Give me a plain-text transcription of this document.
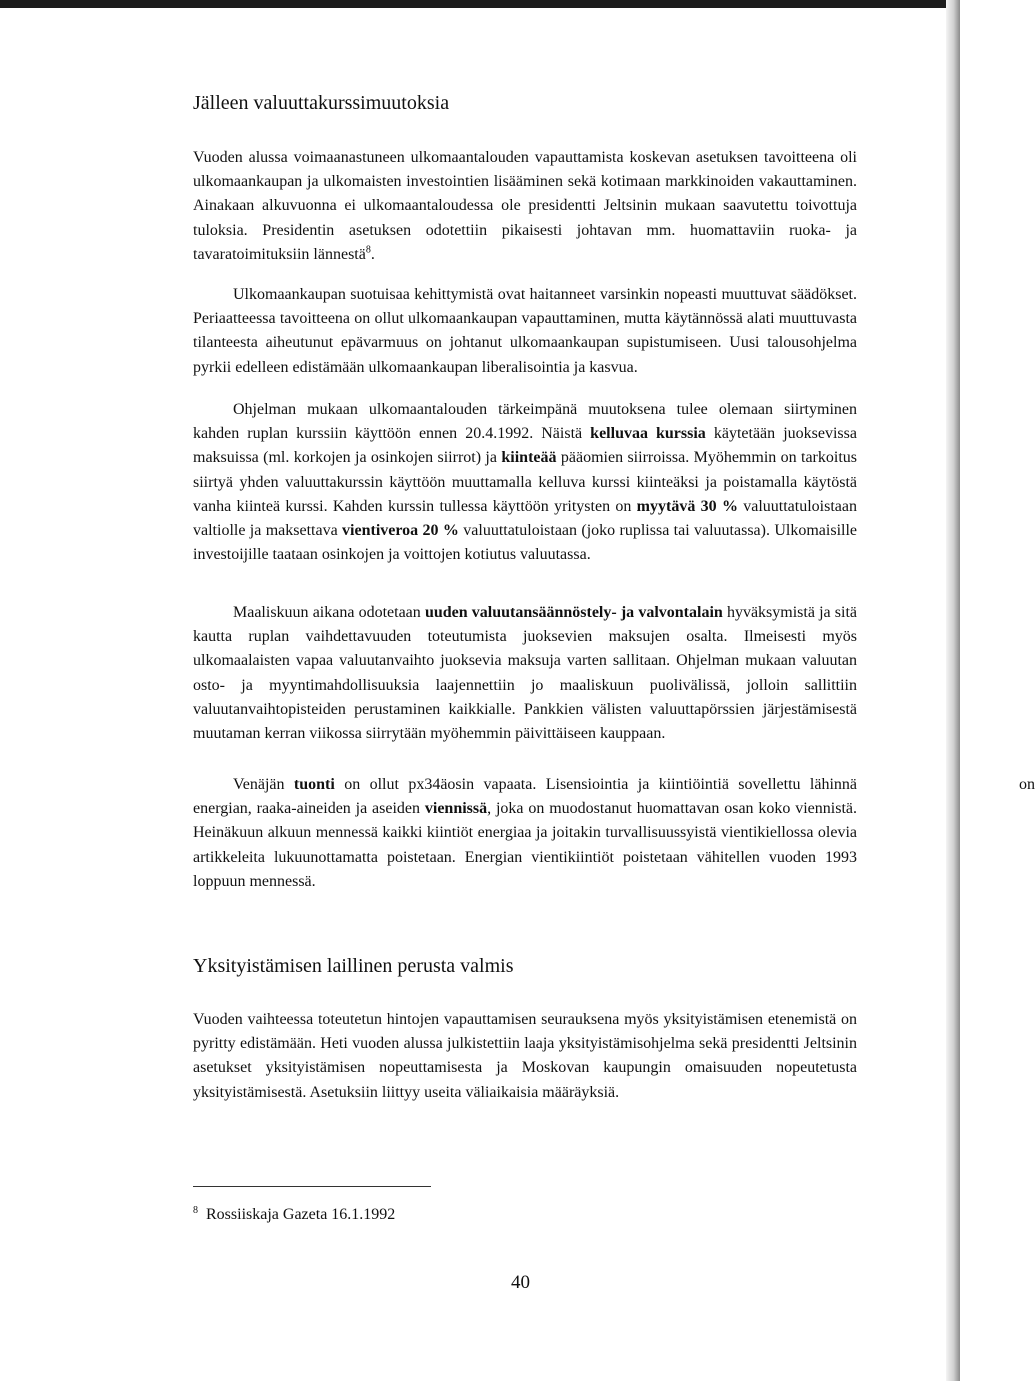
Jälleen valuuttakurssimuutoksia

Vuoden alussa voimaanastuneen ulkomaantalouden vapauttamista koskevan asetuksen tavoitteena oli ulkomaankaupan ja ulkomaisten investointien lisääminen sekä kotimaan markkinoiden vakauttaminen. Ainakaan alkuvuonna ei ulkomaantaloudessa ole presidentti Jeltsinin mukaan saavutettu toivottuja tuloksia. Presidentin asetuksen odotettiin pikaisesti johtavan mm. huomattaviin ruoka- ja tavaratoimituksiin lännestä$^8$.

Ulkomaankaupan suotuisaa kehittymistä ovat haitanneet varsinkin nopeasti muuttuvat säädökset. Periaatteessa tavoitteena on ollut ulkomaankaupan vapauttaminen, mutta käytännössä alati muuttuvasta tilanteesta aiheutunut epävarmuus on johtanut ulkomaankaupan supistumiseen. Uusi talousohjelma pyrkii edelleen edistämään ulkomaankaupan liberalisointia ja kasvua.

Ohjelman mukaan ulkomaantalouden tärkeimpänä muutoksena tulee olemaan siirtyminen kahden ruplan kurssiin käyttöön ennen 20.4.1992. Näistä kelluvaa kurssia käytetään juoksevissa maksuissa (ml. korkojen ja osinkojen siirrot) ja kiinteää pääomien siirroissa. Myöhemmin on tarkoitus siirtyä yhden valuuttakurssin käyttöön muuttamalla kelluva kurssi kiinteäksi ja poistamalla käytöstä vanha kiinteä kurssi. Kahden kurssin tullessa käyttöön yritysten on myytävä 30 % valuuttatuloistaan valtiolle ja maksettava vientiveroa 20 % valuuttatuloistaan (joko ruplissa tai valuutassa). Ulkomaisille investoijille taataan osinkojen ja voittojen kotiutus valuutassa.

Maaliskuun aikana odotetaan uuden valuutansäännöstely- ja valvontalain hyväksymistä ja sitä kautta ruplan vaihdettavuuden toteutumista juoksevien maksujen osalta. Ilmeisesti myös ulkomaalaisten vapaa valuutanvaihto juoksevia maksuja varten sallitaan. Ohjelman mukaan valuutan osto- ja myyntimahdollisuuksia laajennettiin jo maaliskuun puolivälissä, jolloin sallittiin valuutanvaihtopisteiden perustaminen kaikkialle. Pankkien välisten valuuttapörssien järjestämisestä muutaman kerran viikossa siirrytään myöhemmin päivittäiseen kauppaan.

Venäjän tuonti on ollut px34äosin vapaata. Lisensiointia ja kiintiöintiä sovellettu lähinnä energian, raaka-aineiden ja aseiden viennissä, joka on muodostanut huomattavan osan koko viennistä. Heinäkuun alkuun mennessä kaikki kiintiöt energiaa ja joitakin turvallisuussyistä vientikiellossa olevia artikkeleita lukuunottamatta poistetaan. Energian vientikiintiöt poistetaan vähitellen vuoden 1993 loppuun mennessä.

on
Yksityistämisen laillinen perusta valmis

Vuoden vaihteessa toteutetun hintojen vapauttamisen seurauksena myös yksityistämisen etenemistä on pyritty edistämään. Heti vuoden alussa julkistettiin laaja yksityistämisohjelma sekä presidentti Jeltsinin asetukset yksityistämisen nopeuttamisesta ja Moskovan kaupungin omaisuuden nopeutetusta yksityistämisestä. Asetuksiin liittyy useita väliaikaisia määräyksiä.

$^8$ Rossiiskaja Gazeta 16.1.1992
40
